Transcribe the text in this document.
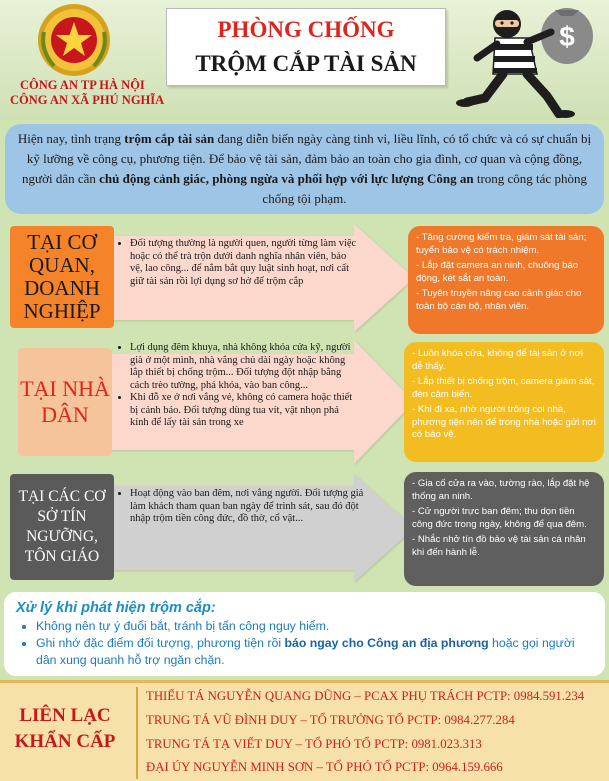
CÔNG AN TP HÀ NỘI
CÔNG AN XÃ PHÚ NGHĨA
PHÒNG CHỐNG
TRỘM CẮP TÀI SẢN
$
Hiện nay, tình trạng trộm cắp tài sản đang diễn biến ngày càng tinh vi, liều lĩnh, có tổ chức và có sự chuẩn bị kỹ lưỡng về công cụ, phương tiện. Để bảo vệ tài sản, đảm bảo an toàn cho gia đình, cơ quan và cộng đồng, người dân cần chủ động cảnh giác, phòng ngừa và phối hợp với lực lượng Công an trong công tác phòng chống tội phạm.
TẠI CƠ QUAN, DOANH NGHIỆP
• Đối tượng thường là người quen, người từng làm việc hoặc có thể trà trộn dưới danh nghĩa nhân viên, bảo vệ, lao công... để nắm bắt quy luật sinh hoạt, nơi cất giữ tài sản rồi lợi dụng sơ hở để trộm cắp
- Tăng cường kiểm tra, giám sát tài sản; tuyển bảo vệ có trách nhiệm.
- Lắp đặt camera an ninh, chuông báo động, két sắt an toàn.
- Tuyên truyền nâng cao cảnh giác cho toàn bộ cán bộ, nhân viên.
TẠI NHÀ DÂN
• Lợi dụng đêm khuya, nhà không khóa cửa kỹ, người già ở một mình, nhà vắng chủ dài ngày hoặc không lắp thiết bị chống trộm... Đối tượng đột nhập bằng cách trèo tường, phá khóa, vào ban công...
• Khi đỗ xe ở nơi vắng vẻ, không có camera hoặc thiết bị cảnh báo. Đối tượng dùng tua vít, vật nhọn phá kính để lấy tài sản trong xe
- Luôn khóa cửa, không để tài sản ở nơi dễ thấy.
- Lắp thiết bị chống trộm, camera giám sát, đèn cảm biến.
- Khi đi xa, nhờ người trông coi nhà, phương tiện nên để trong nhà hoặc gửi nơi có bảo vệ.
TẠI CÁC CƠ SỞ TÍN NGƯỠNG, TÔN GIÁO
• Hoạt động vào ban đêm, nơi vắng người. Đối tượng giả làm khách tham quan ban ngày để trinh sát, sau đó đột nhập trộm tiền công đức, đồ thờ, cổ vật...
- Gia cố cửa ra vào, tường rào, lắp đặt hệ thống an ninh.
- Cử người trực ban đêm; thu dọn tiền công đức trong ngày, không để qua đêm.
- Nhắc nhở tín đồ bảo vệ tài sản cá nhân khi đến hành lễ.
Xử lý khi phát hiện trộm cắp:
• Không nên tự ý đuổi bắt, tránh bị tấn công nguy hiểm.
• Ghi nhớ đặc điểm đối tượng, phương tiện rồi báo ngay cho Công an địa phương hoặc gọi người dân xung quanh hỗ trợ ngăn chặn.
LIÊN LẠC
KHẨN CẤP
THIẾU TÁ NGUYỄN QUANG DŨNG – PCAX PHỤ TRÁCH PCTP: 0984.591.234
TRUNG TÁ VŨ ĐÌNH DUY – TỔ TRƯỞNG TỔ PCTP: 0984.277.284
TRUNG TÁ TẠ VIẾT DUY – TỔ PHÓ TỔ PCTP: 0981.023.313
ĐẠI ÚY NGUYỄN MINH SƠN – TỔ PHÓ TỔ PCTP: 0964.159.666
